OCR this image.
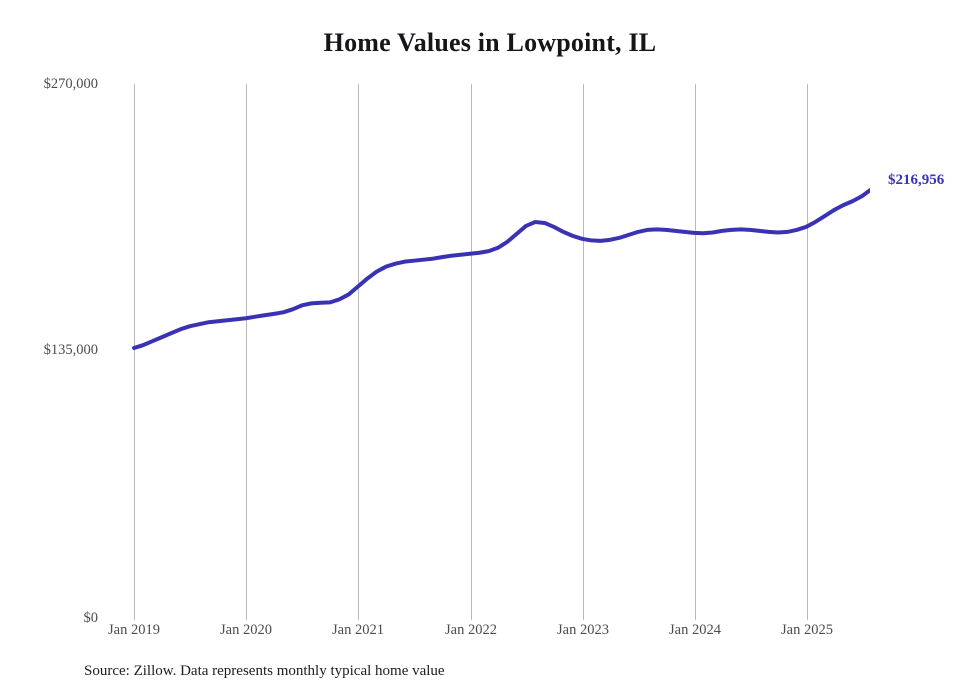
Home Values in Lowpoint, IL
$270,000
$135,000
$0
$216,956
Jan 2019	Jan 2020	Jan 2021	Jan 2022	Jan 2023	Jan 2024	Jan 2025
Source: Zillow. Data represents monthly typical home value
